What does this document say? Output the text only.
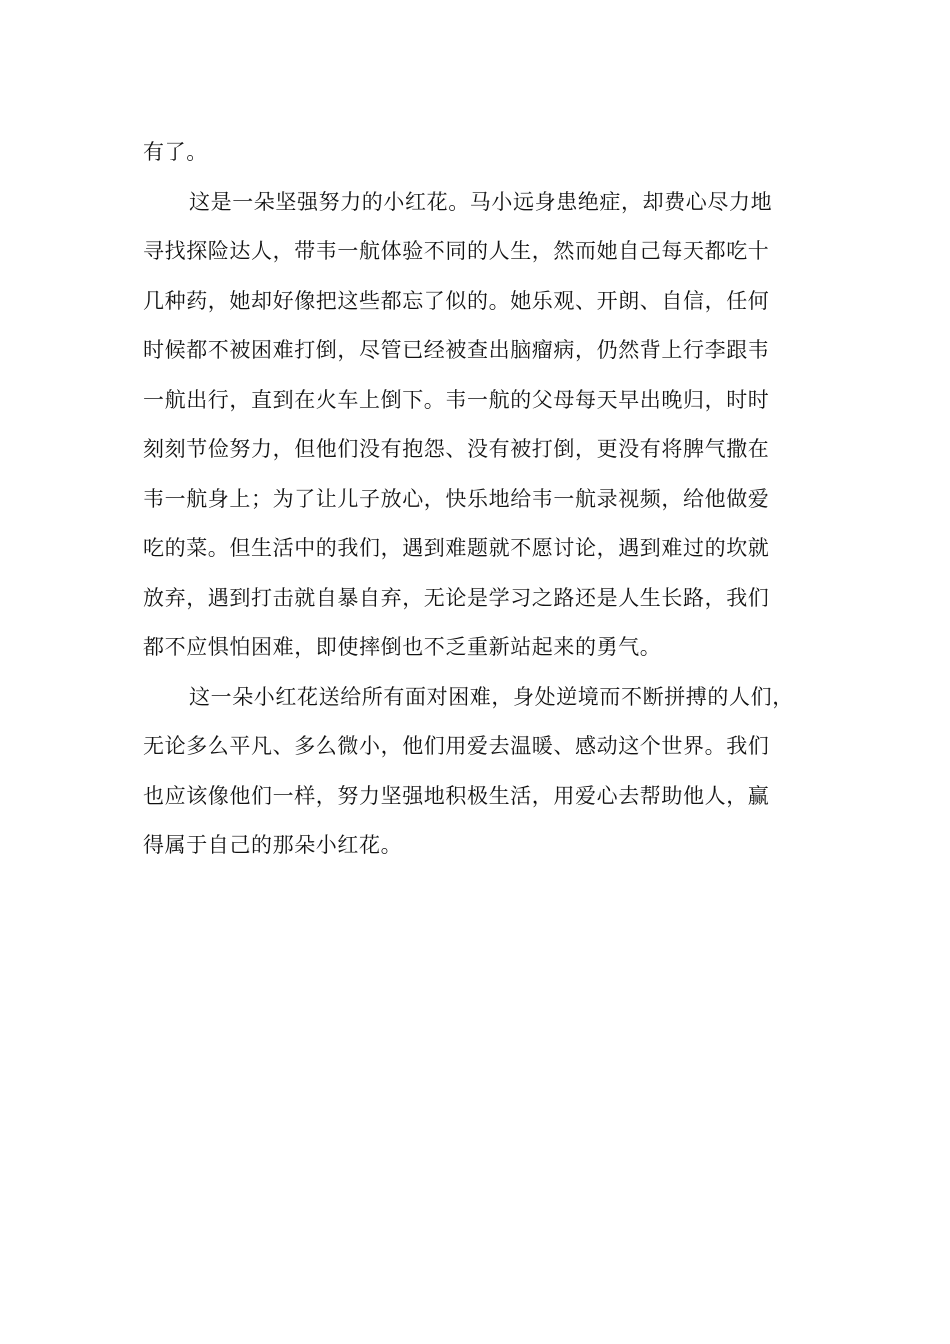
有了。
这是一朵坚强努力的小红花。马小远身患绝症，却费心尽力地
寻找探险达人，带韦一航体验不同的人生，然而她自己每天都吃十
几种药，她却好像把这些都忘了似的。她乐观、开朗、自信，任何
时候都不被困难打倒，尽管已经被查出脑瘤病，仍然背上行李跟韦
一航出行，直到在火车上倒下。韦一航的父母每天早出晚归，时时
刻刻节俭努力，但他们没有抱怨、没有被打倒，更没有将脾气撒在
韦一航身上；为了让儿子放心，快乐地给韦一航录视频，给他做爱
吃的菜。但生活中的我们，遇到难题就不愿讨论，遇到难过的坎就
放弃，遇到打击就自暴自弃，无论是学习之路还是人生长路，我们
都不应惧怕困难，即使摔倒也不乏重新站起来的勇气。
这一朵小红花送给所有面对困难，身处逆境而不断拼搏的人们，
无论多么平凡、多么微小，他们用爱去温暖、感动这个世界。我们
也应该像他们一样，努力坚强地积极生活，用爱心去帮助他人，赢
得属于自己的那朵小红花。
